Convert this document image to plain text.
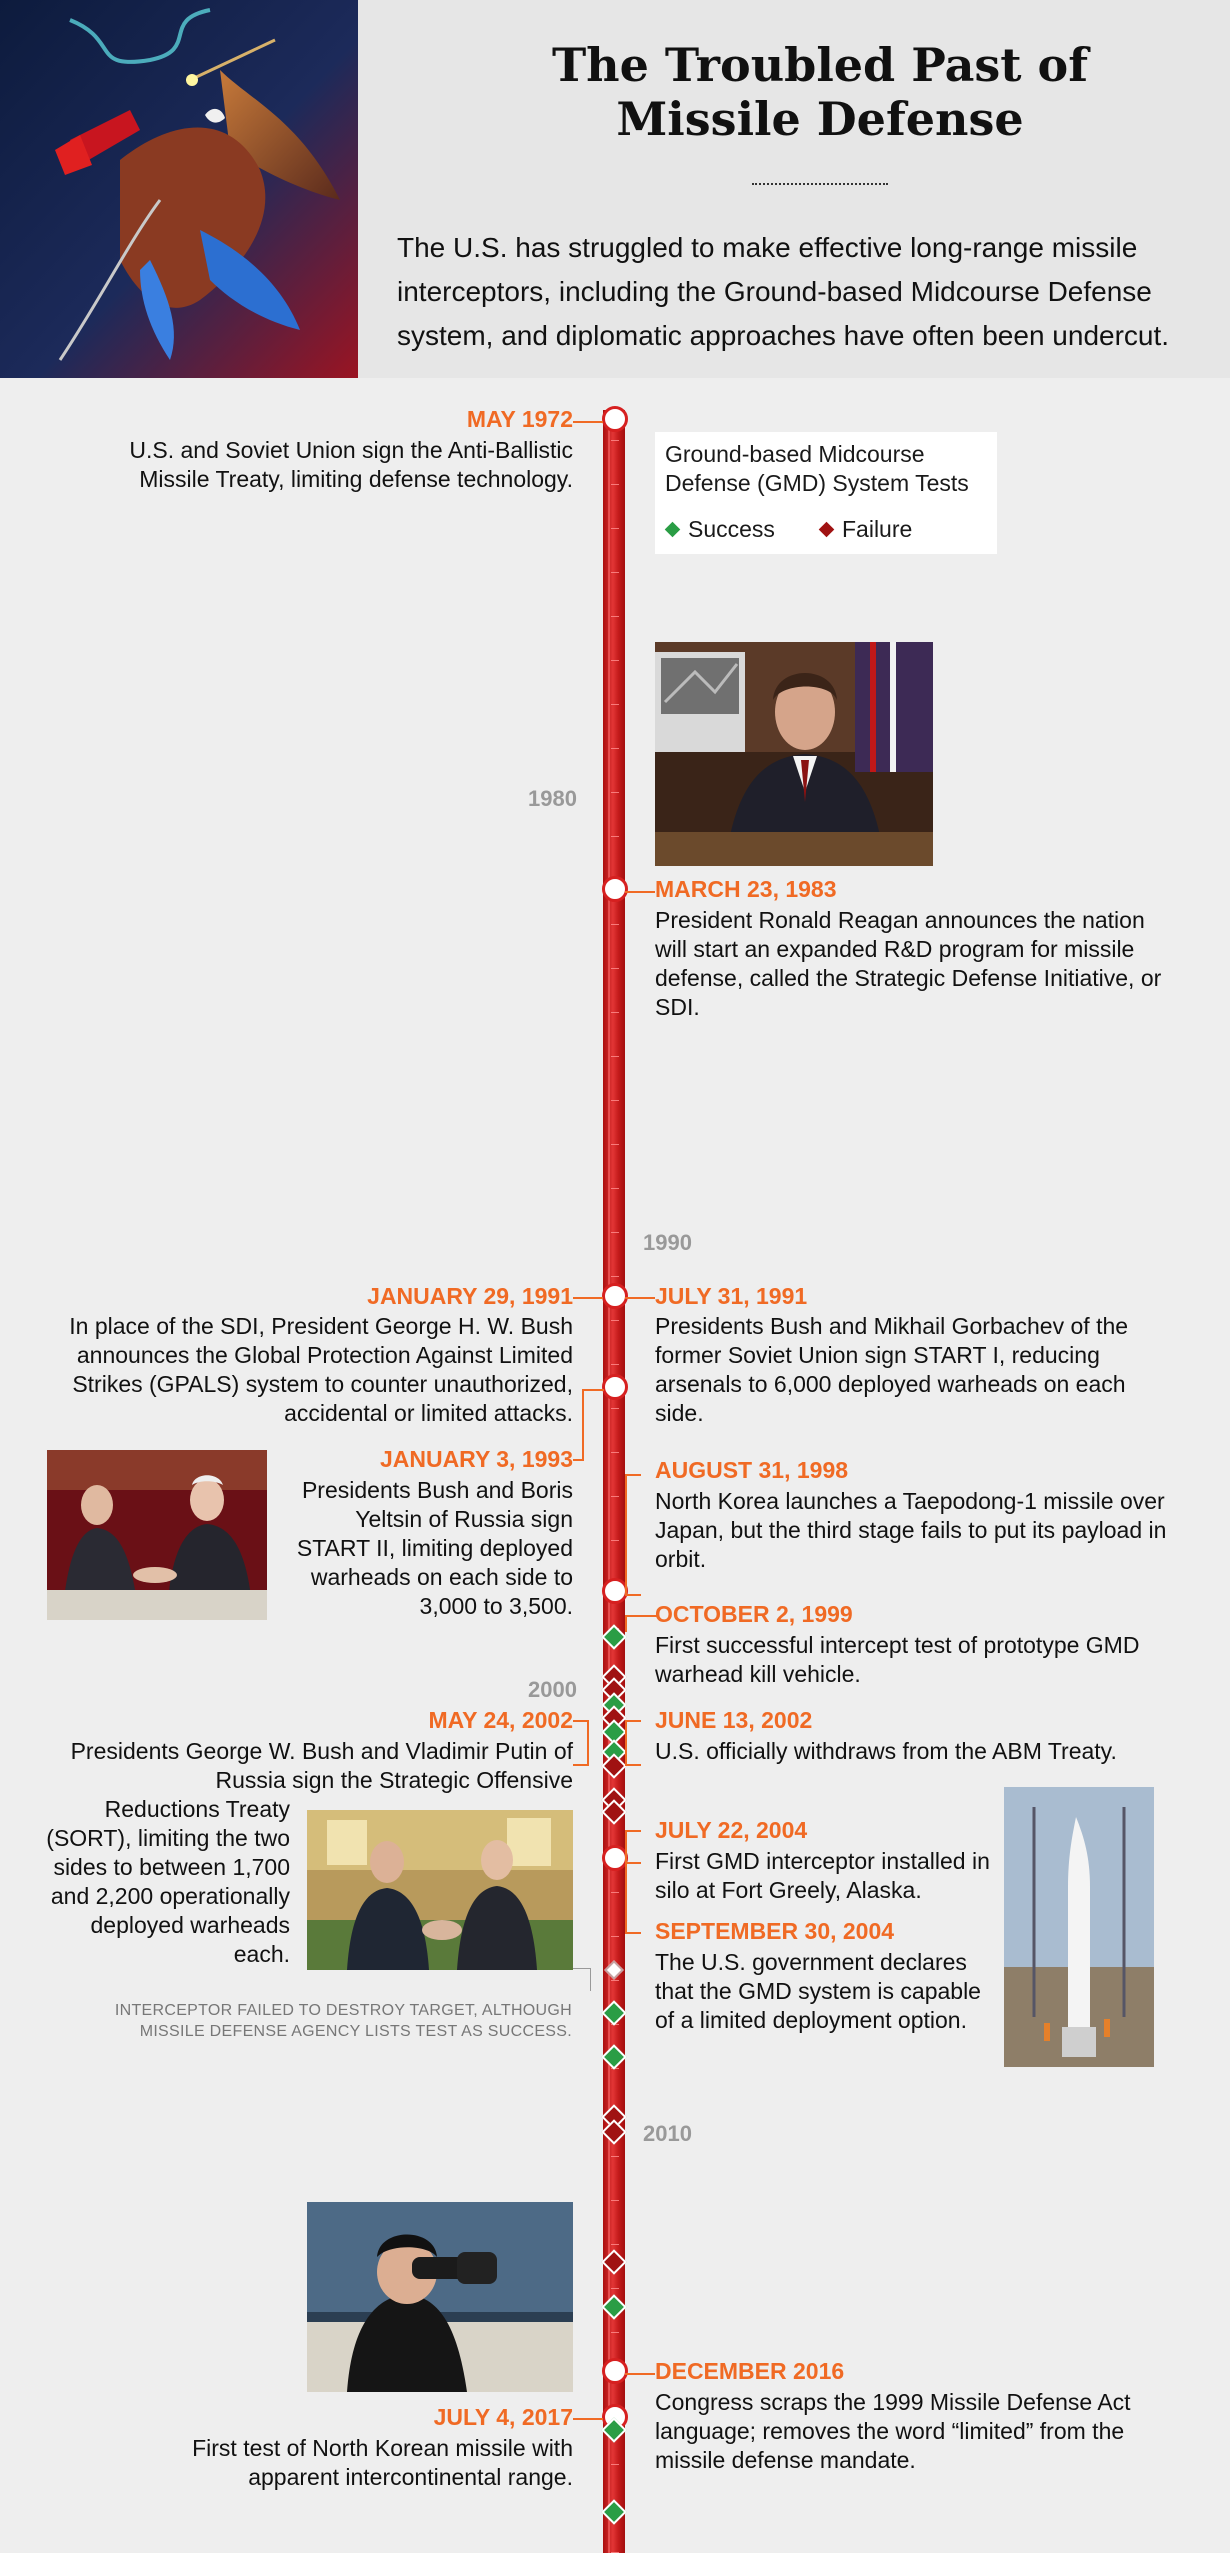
The Troubled Past of Missile Defense
The U.S. has struggled to make effective long-range missile interceptors, including the Ground-based Midcourse Defense system, and diplomatic approaches have often been undercut.
Ground-based Midcourse Defense (GMD) System Tests
Success	Failure
1980
1990
2000
2010
MAY 1972
U.S. and Soviet Union sign the Anti-Ballistic Missile Treaty, limiting defense technology.
JANUARY 29, 1991
In place of the SDI, President George H. W. Bush announces the Global Protection Against Limited Strikes (GPALS) system to counter unauthorized, accidental or limited attacks.
JANUARY 3, 1993
Presidents Bush and Boris Yeltsin of Russia sign START II, limiting deployed warheads on each side to 3,000 to 3,500.
MAY 24, 2002
Presidents George W. Bush and Vladimir Putin of Russia sign the Strategic Offensive
Reductions Treaty (SORT), limiting the two sides to between 1,700 and 2,200 operationally deployed warheads each.
INTERCEPTOR FAILED TO DESTROY TARGET, ALTHOUGH MISSILE DEFENSE AGENCY LISTS TEST AS SUCCESS.
JULY 4, 2017
First test of North Korean missile with apparent intercontinental range.
MARCH 23, 1983
President Ronald Reagan announces the nation will start an expanded R&D program for missile defense, called the Strategic Defense Initiative, or SDI.
JULY 31, 1991
Presidents Bush and Mikhail Gorbachev of the former Soviet Union sign START I, reducing arsenals to 6,000 deployed warheads on each side.
AUGUST 31, 1998
North Korea launches a Taepodong-1 missile over Japan, but the third stage fails to put its payload in orbit.
OCTOBER 2, 1999
First successful intercept test of prototype GMD warhead kill vehicle.
JUNE 13, 2002
U.S. officially withdraws from the ABM Treaty.
JULY 22, 2004
First GMD interceptor installed in silo at Fort Greely, Alaska.
SEPTEMBER 30, 2004
The U.S. government declares that the GMD system is capable of a limited deployment option.
DECEMBER 2016
Congress scraps the 1999 Missile Defense Act language; removes the word “limited” from the missile defense mandate.
